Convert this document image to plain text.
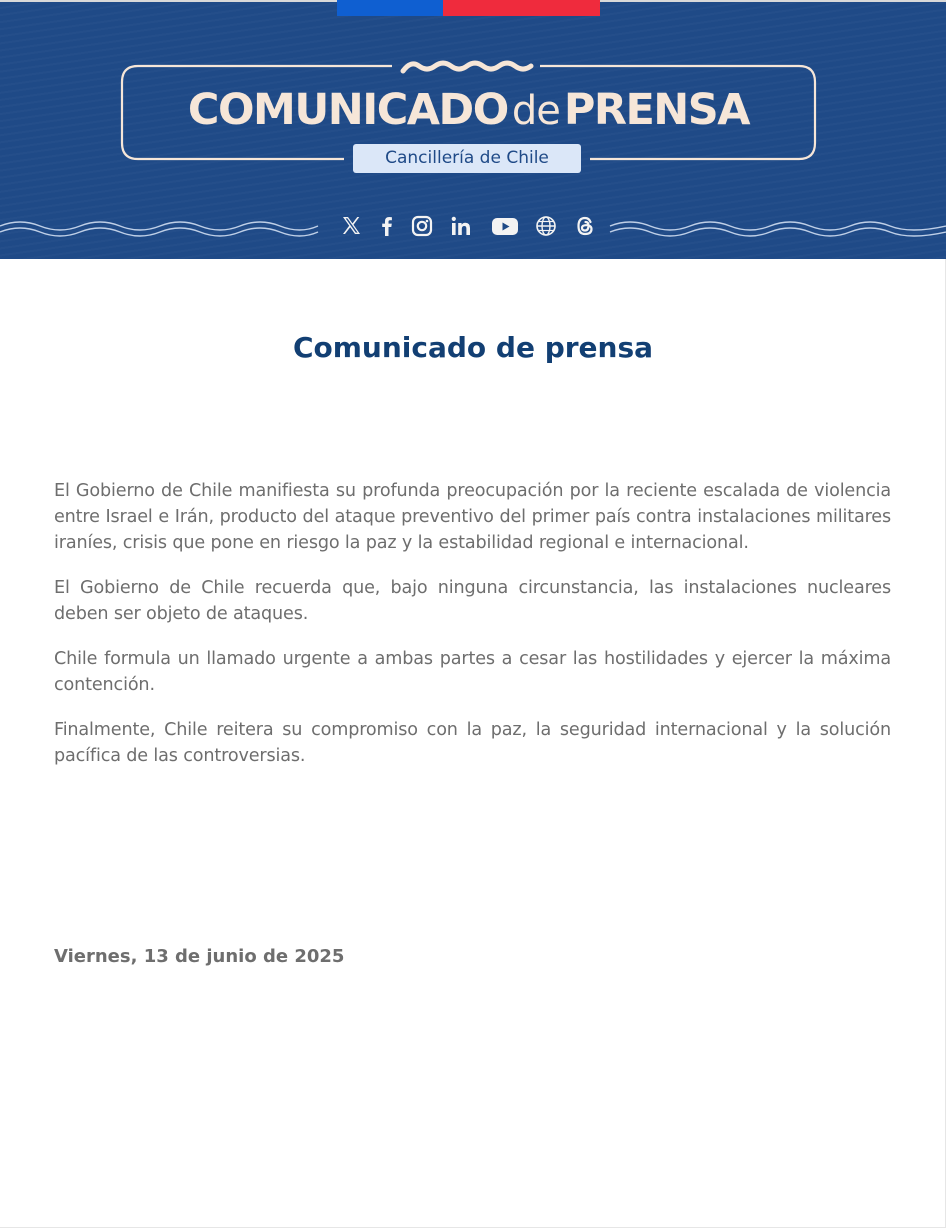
COMUNICADO dePRENSA
Cancillería de Chile
Comunicado de prensa

El Gobierno de Chile manifiesta su profunda preocupación por la reciente escalada de violencia entre Israel e Irán, producto del ataque preventivo del primer país contra instalaciones militares iraníes, crisis que pone en riesgo la paz y la estabilidad regional e internacional.

El Gobierno de Chile recuerda que, bajo ninguna circunstancia, las instalaciones nucleares deben ser objeto de ataques.

Chile formula un llamado urgente a ambas partes a cesar las hostilidades y ejercer la máxima contención.

Finalmente, Chile reitera su compromiso con la paz, la seguridad internacional y la solución pacífica de las controversias.

Viernes, 13 de junio de 2025
